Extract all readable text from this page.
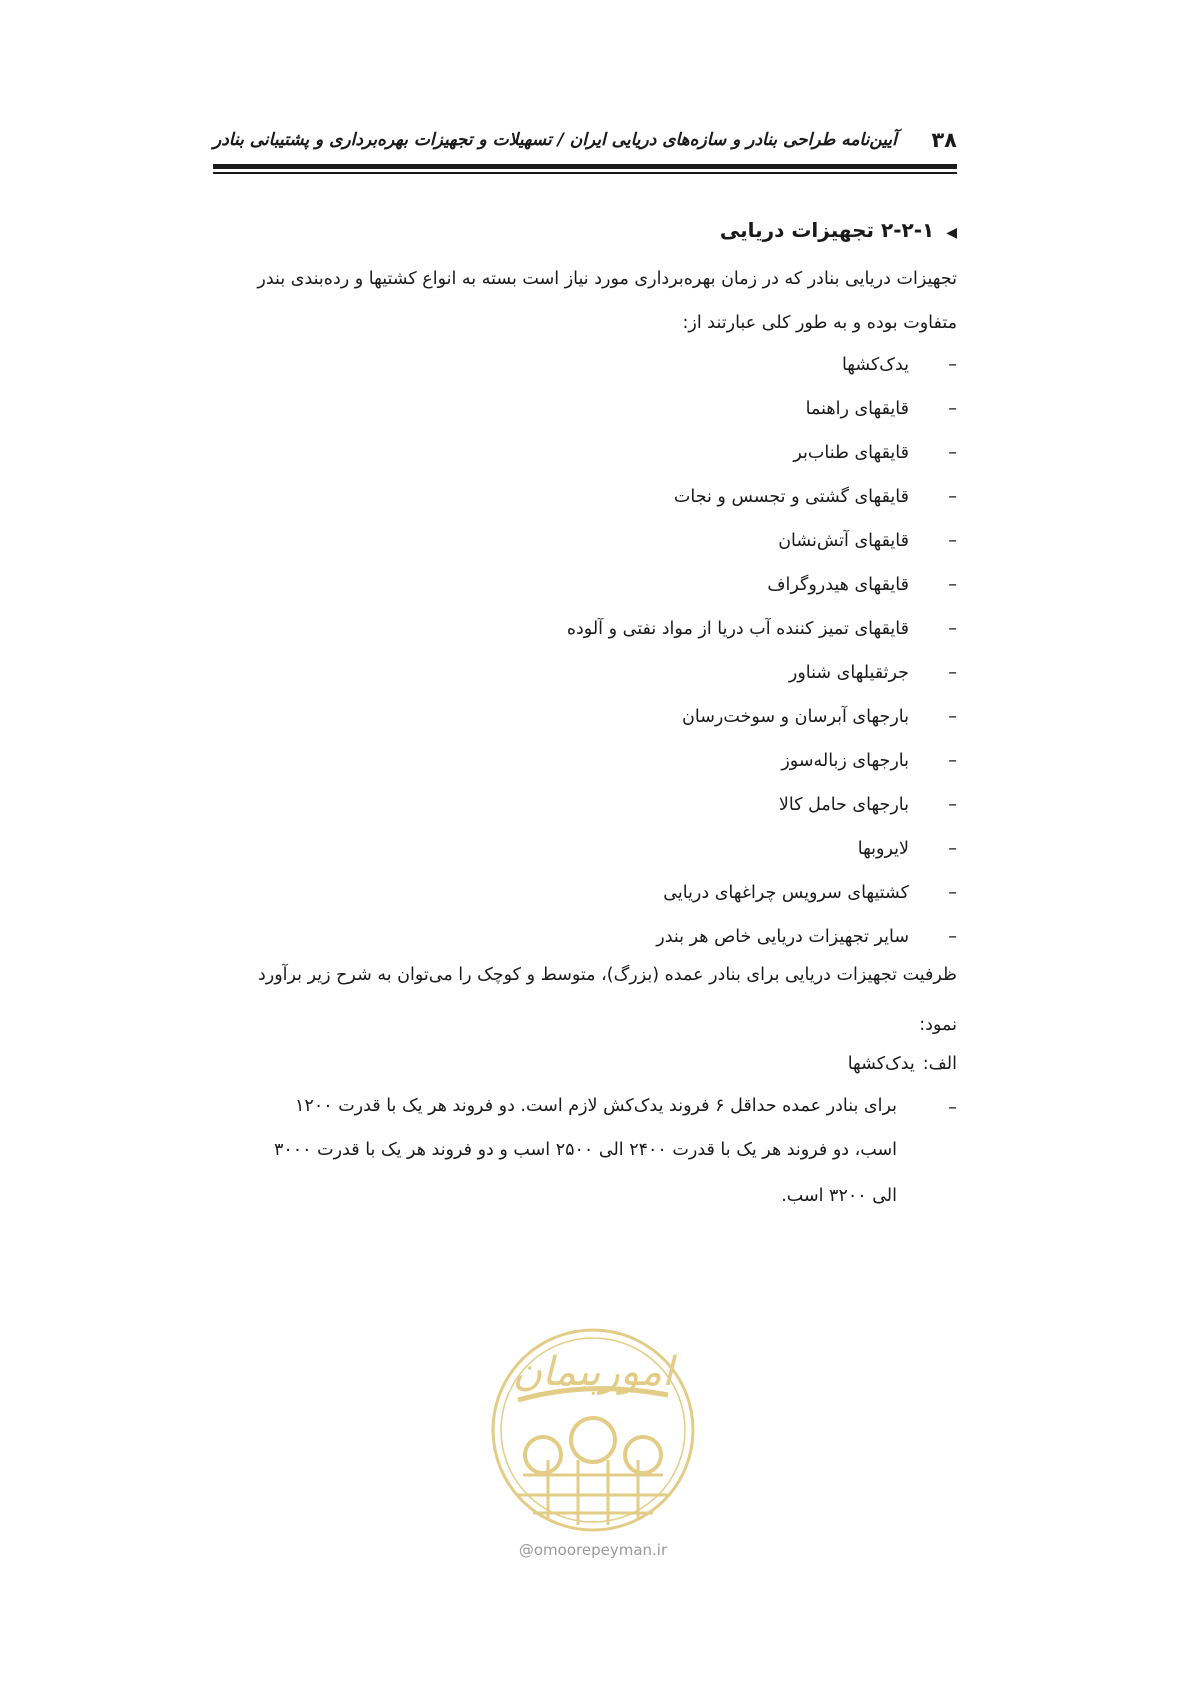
۳۸
آیین‌نامه طراحی بنادر و سازه‌های دریایی ایران / تسهیلات و تجهیزات بهره‌برداری و پشتیبانی بنادر
◀۲-۲-۱ تجهیزات دریایی
تجهیزات دریایی بنادر که در زمان بهره‌برداری مورد نیاز است بسته به انواع کشتیها و رده‌بندی بندر
متفاوت بوده و به طور کلی عبارتند از:
–یدک‌کشها
–قایقهای راهنما
–قایقهای طناب‌بر
–قایقهای گشتی و تجسس و نجات
–قایقهای آتش‌نشان
–قایقهای هیدروگراف
–قایقهای تمیز کننده آب دریا از مواد نفتی و آلوده
–جرثقیلهای شناور
–بارجهای آبرسان و سوخت‌رسان
–بارجهای زباله‌سوز
–بارجهای حامل کالا
–لایروبها
–کشتیهای سرویس چراغهای دریایی
–سایر تجهیزات دریایی خاص هر بندر
ظرفیت تجهیزات دریایی برای بنادر عمده (بزرگ)، متوسط و کوچک را می‌توان به شرح زیر برآورد
نمود:
الف:یدک‌کشها
–
برای بنادر عمده حداقل ۶ فروند یدک‌کش لازم است. دو فروند هر یک با قدرت ۱۲۰۰
اسب، دو فروند هر یک با قدرت ۲۴۰۰ الی ۲۵۰۰ اسب و دو فروند هر یک با قدرت ۳۰۰۰
الی ۳۲۰۰ اسب.
امورپیمان
@omoorepeyman.ir
